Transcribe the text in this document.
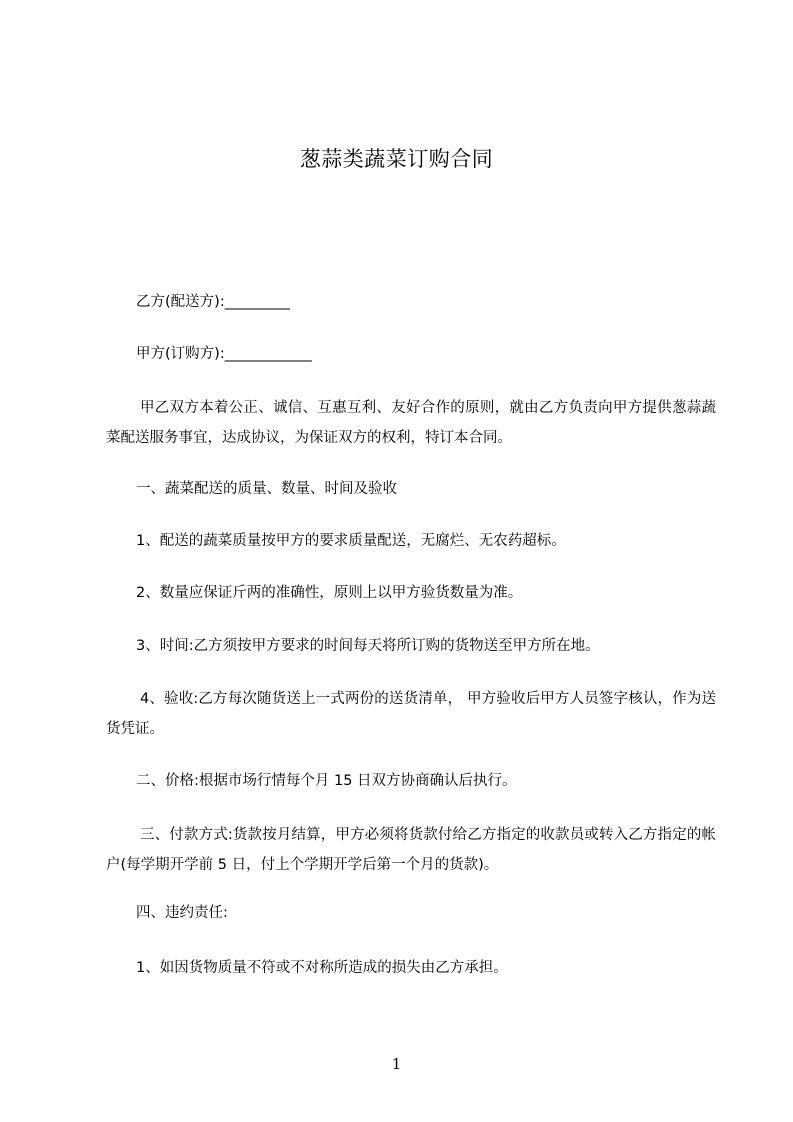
葱蒜类蔬菜订购合同
乙方(配送方):_________
甲方(订购方):____________
甲乙双方本着公正、诚信、互惠互利、友好合作的原则，就由乙方负责向甲方提供葱蒜蔬菜配送服务事宜，达成协议，为保证双方的权利，特订本合同。
一、蔬菜配送的质量、数量、时间及验收
1、配送的蔬菜质量按甲方的要求质量配送，无腐烂、无农药超标。
2、数量应保证斤两的准确性，原则上以甲方验货数量为准。
3、时间:乙方须按甲方要求的时间每天将所订购的货物送至甲方所在地。
4、验收:乙方每次随货送上一式两份的送货清单， 甲方验收后甲方人员签字核认，作为送货凭证。
二、价格:根据市场行情每个月 15 日双方协商确认后执行。
三、付款方式:货款按月结算，甲方必须将货款付给乙方指定的收款员或转入乙方指定的帐户(每学期开学前 5 日，付上个学期开学后第一个月的货款)。
四、违约责任:
1、如因货物质量不符或不对称所造成的损失由乙方承担。
1
